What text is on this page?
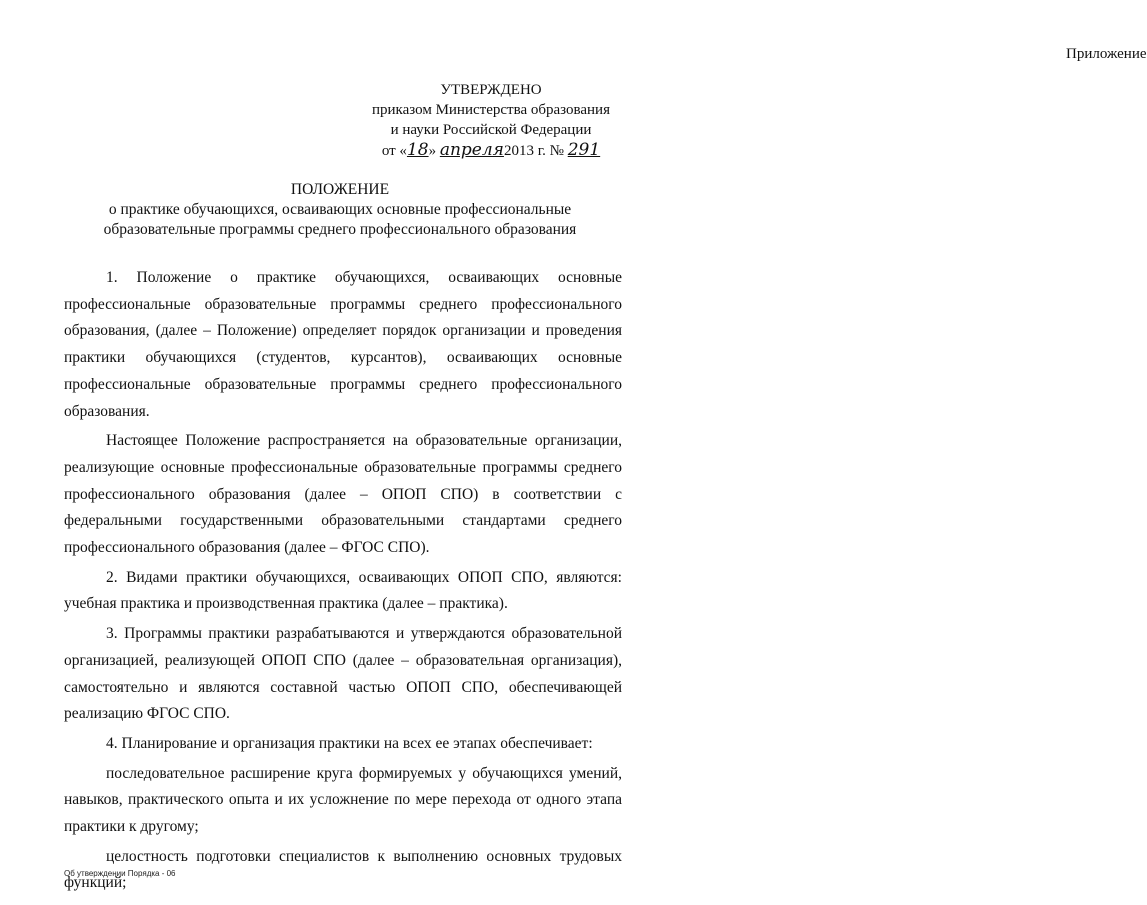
Приложение
УТВЕРЖДЕНО
приказом Министерства образования
и науки Российской Федерации
от «18» апреля2013 г. № 291
ПОЛОЖЕНИЕ
о практике обучающихся, осваивающих основные профессиональные
образовательные программы среднего профессионального образования

1. Положение о практике обучающихся, осваивающих основные профессиональные образовательные программы среднего профессионального образования, (далее – Положение) определяет порядок организации и проведения практики обучающихся (студентов, курсантов), осваивающих основные профессиональные образовательные программы среднего профессионального образования.

Настоящее Положение распространяется на образовательные организации, реализующие основные профессиональные образовательные программы среднего профессионального образования (далее – ОПОП СПО) в соответствии с федеральными государственными образовательными стандартами среднего профессионального образования (далее – ФГОС СПО).

2. Видами практики обучающихся, осваивающих ОПОП СПО, являются: учебная практика и производственная практика (далее – практика).

3. Программы практики разрабатываются и утверждаются образовательной организацией, реализующей ОПОП СПО (далее – образовательная организация), самостоятельно и являются составной частью ОПОП СПО, обеспечивающей реализацию ФГОС СПО.

4. Планирование и организация практики на всех ее этапах обеспечивает:

последовательное расширение круга формируемых у обучающихся умений, навыков, практического опыта и их усложнение по мере перехода от одного этапа практики к другому;

целостность подготовки специалистов к выполнению основных трудовых функций;

Об утверждении Порядка - 06
